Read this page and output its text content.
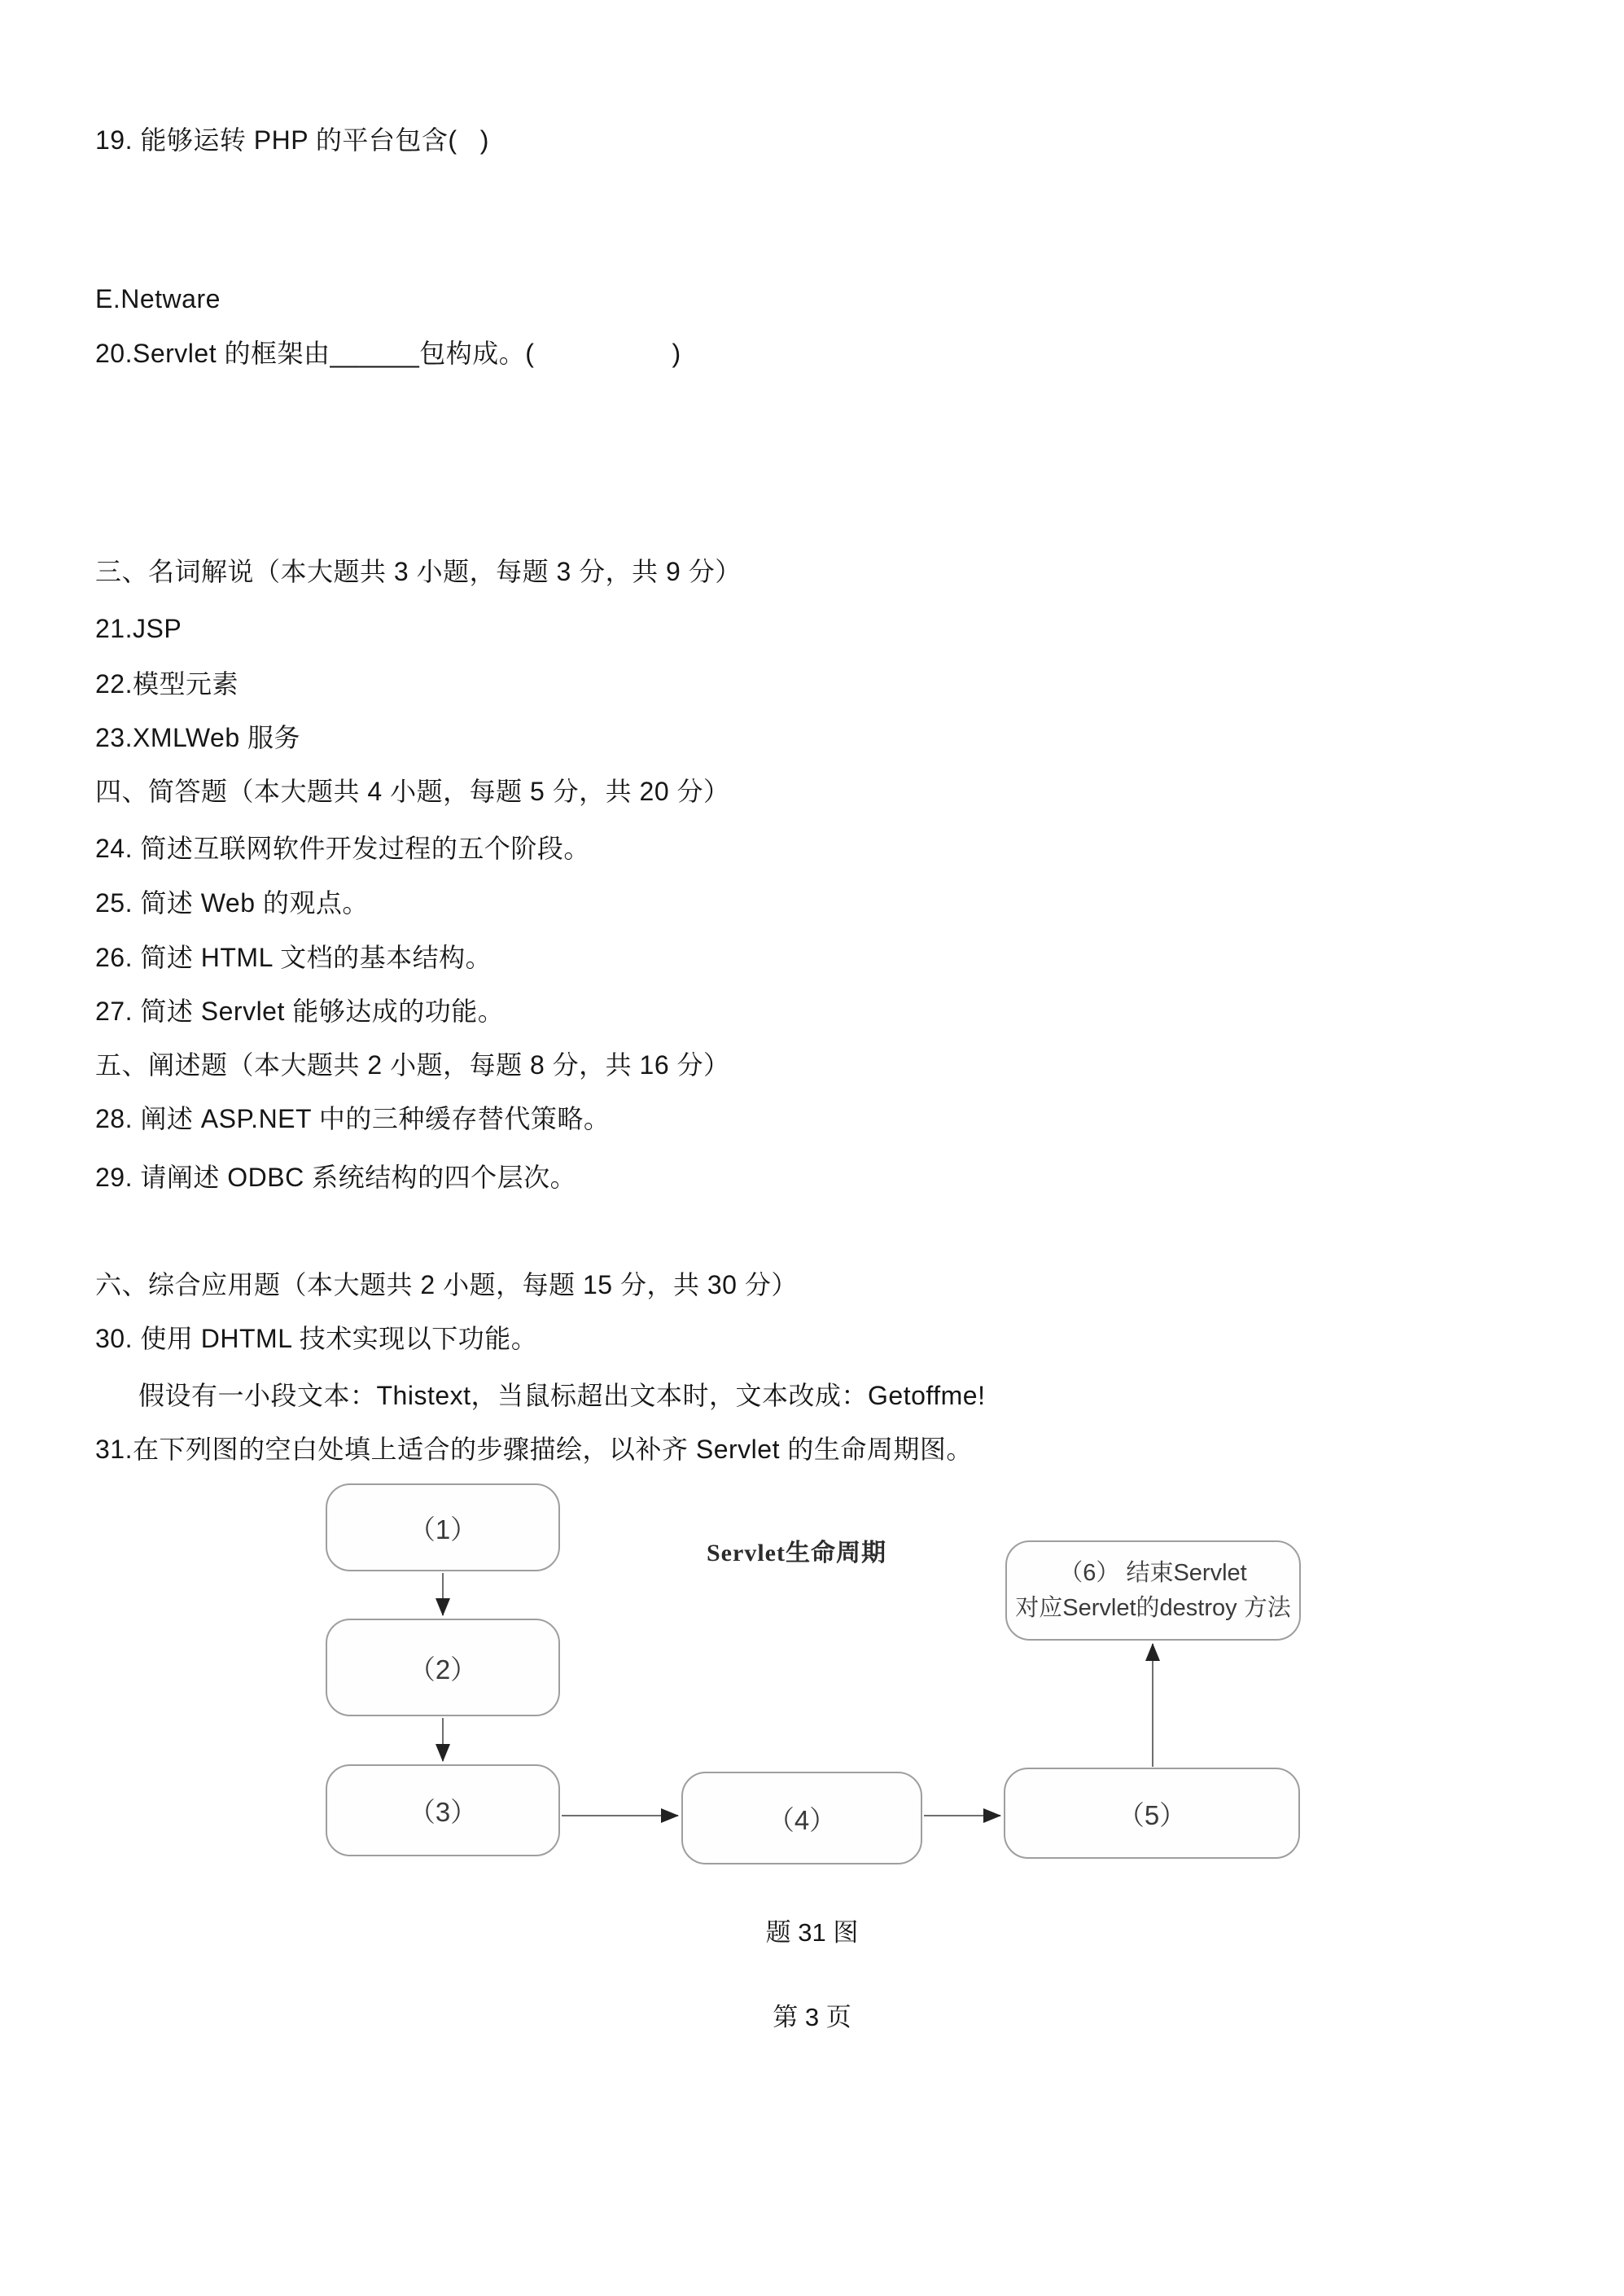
19. 能够运转 PHP 的平台包含(   )
E.Netware
20.Servlet 的框架由______包构成。(                  )
三、名词解说（本大题共 3 小题，每题 3 分，共 9 分）
21.JSP
22.模型元素
23.XMLWeb 服务
四、简答题（本大题共 4 小题，每题 5 分，共 20 分）
24. 简述互联网软件开发过程的五个阶段。
25. 简述 Web 的观点。
26. 简述 HTML 文档的基本结构。
27. 简述 Servlet 能够达成的功能。
五、阐述题（本大题共 2 小题，每题 8 分，共 16 分）
28. 阐述 ASP.NET 中的三种缓存替代策略。
29. 请阐述 ODBC 系统结构的四个层次。
六、综合应用题（本大题共 2 小题，每题 15 分，共 30 分）
30. 使用 DHTML 技术实现以下功能。
假设有一小段文本：Thistext，当鼠标超出文本时，文本改成：Getoffme!
31.在下列图的空白处填上适合的步骤描绘，以补齐 Servlet 的生命周期图。
Servlet生命周期
（1）
（2）
（3）	（4）	（5）
（6） 结束Servlet
对应Servlet的destroy 方法
题 31 图
第 3 页
